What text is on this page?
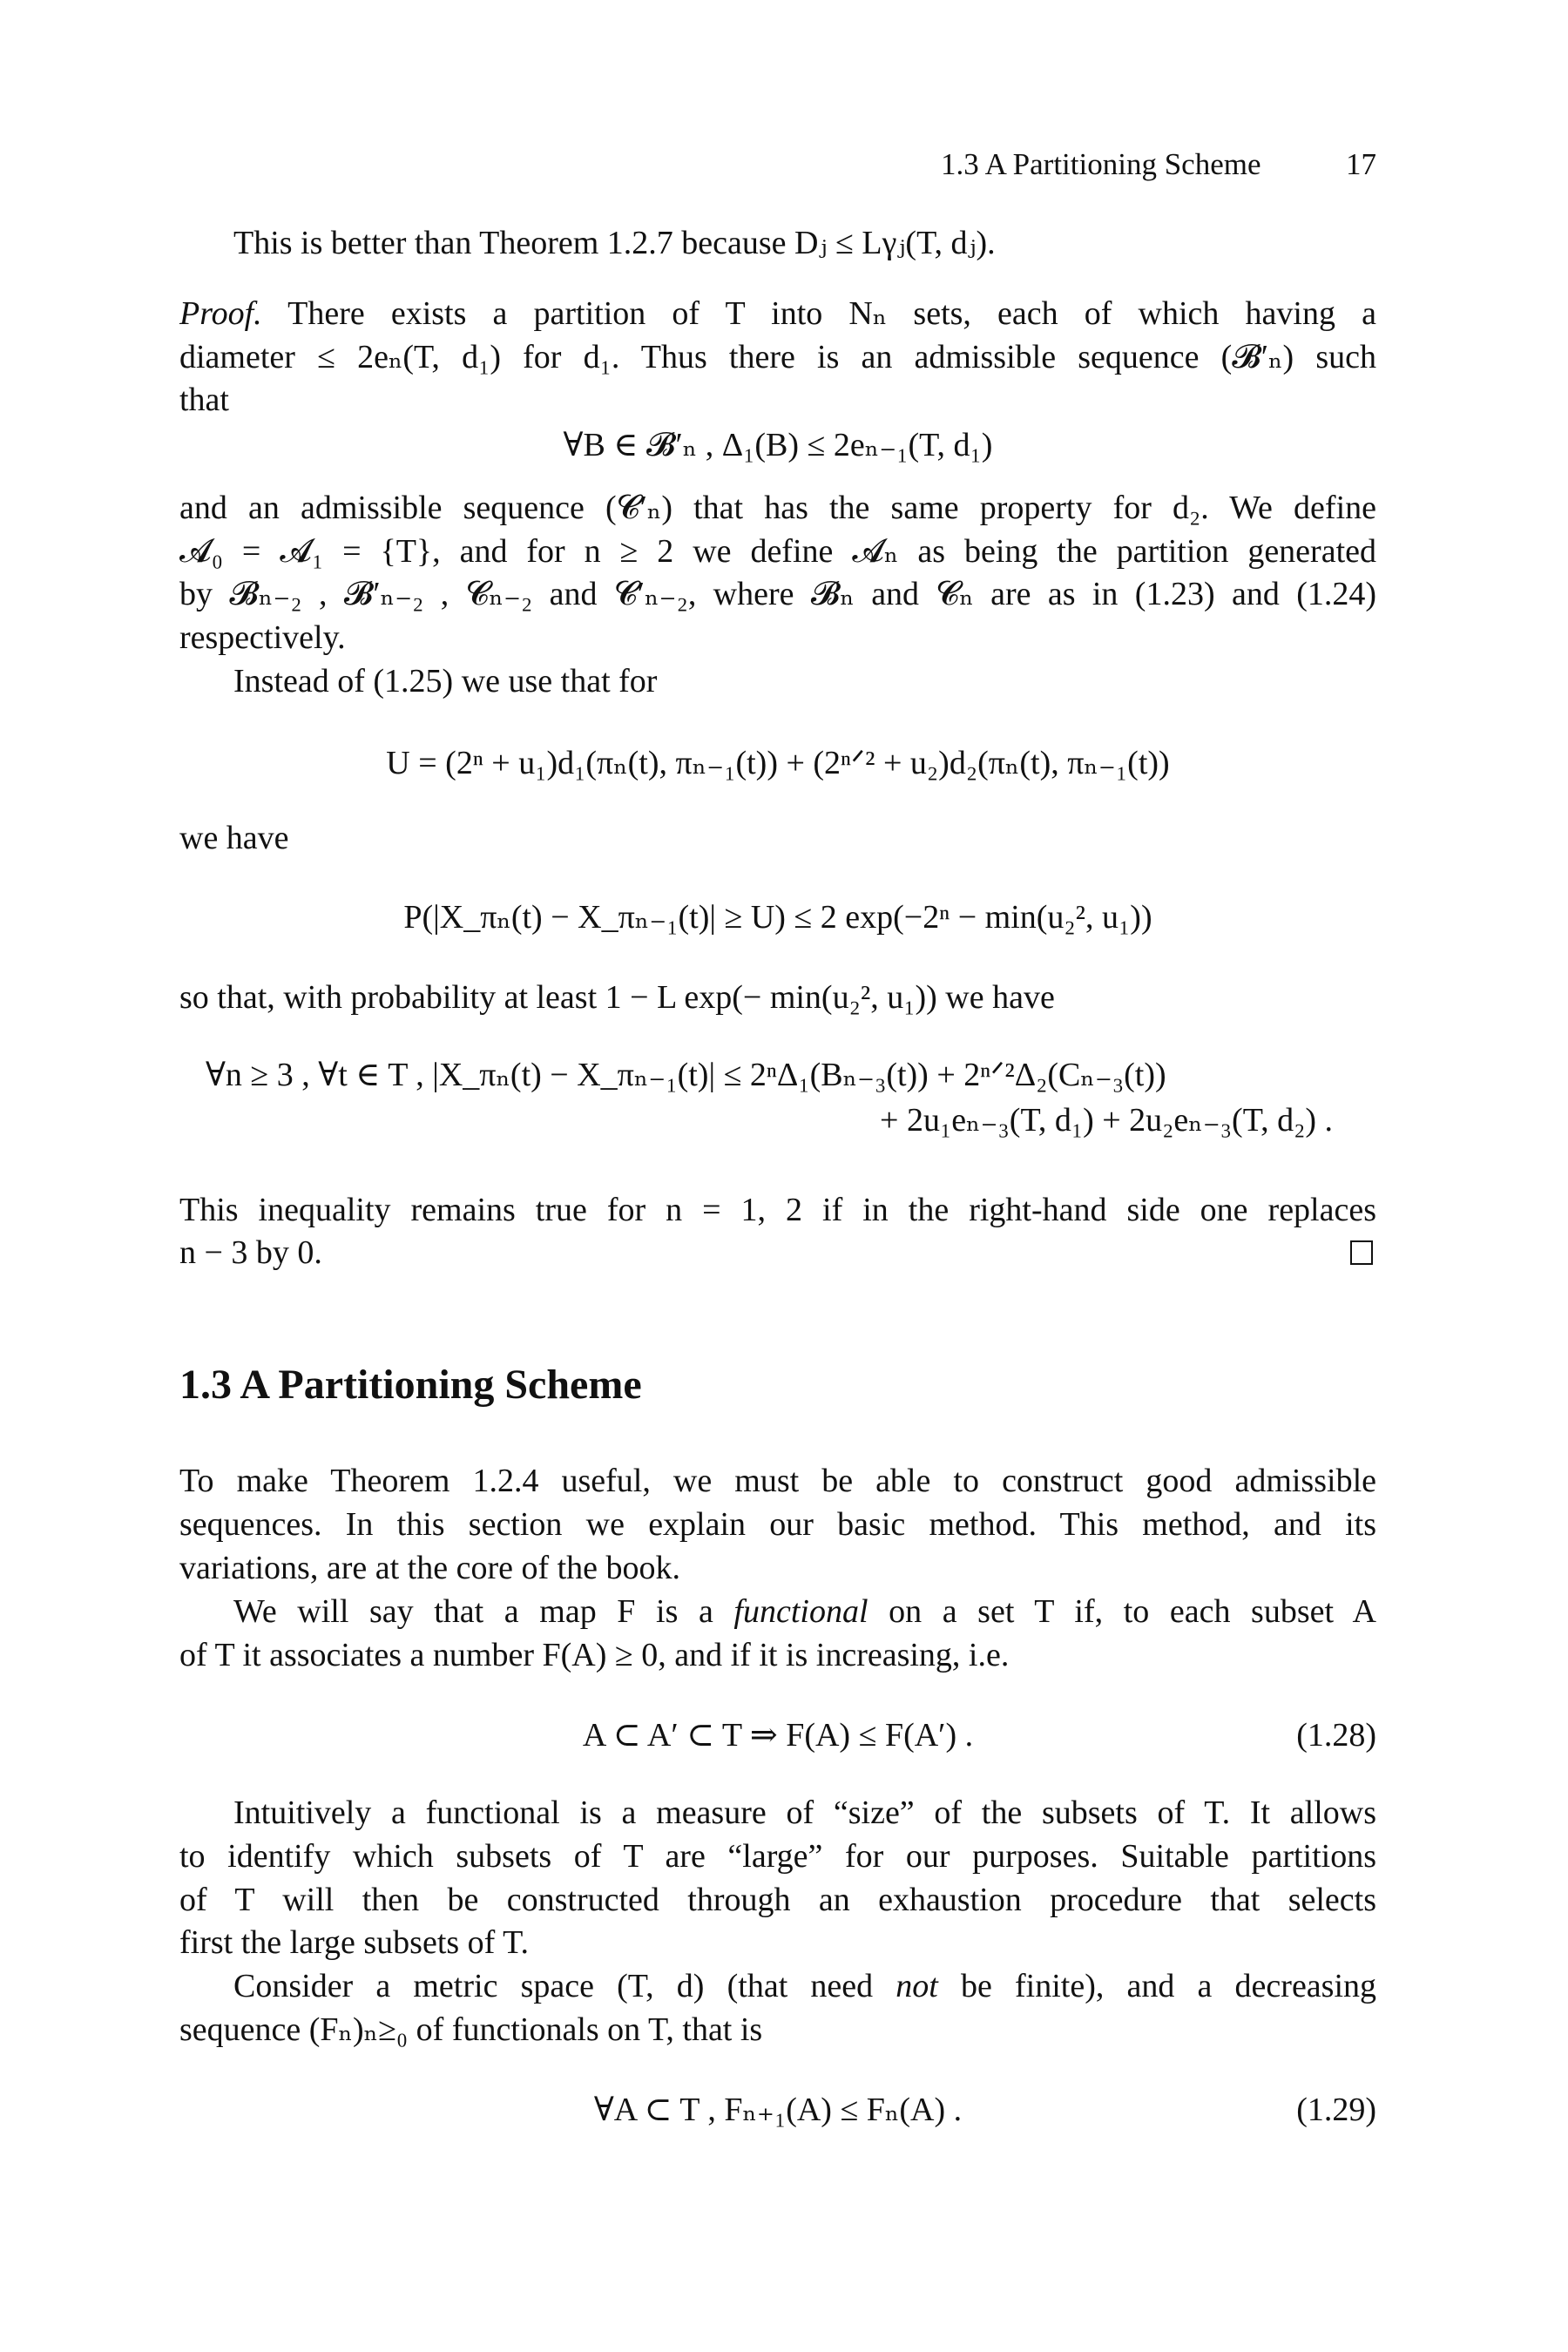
1.3 A Partitioning Scheme	17
This is better than Theorem 1.2.7 because Dⱼ ≤ Lγⱼ(T, dⱼ).
Proof. There exists a partition of T into Nₙ sets, each of which having a
diameter ≤ 2eₙ(T, d₁) for d₁. Thus there is an admissible sequence (𝓑′ₙ) such
that
∀B ∈ 𝓑′ₙ , Δ₁(B) ≤ 2eₙ₋₁(T, d₁)
and an admissible sequence (𝓒′ₙ) that has the same property for d₂. We define
𝓐₀ = 𝓐₁ = {T}, and for n ≥ 2 we define 𝓐ₙ as being the partition generated
by 𝓑ₙ₋₂ , 𝓑′ₙ₋₂ , 𝓒ₙ₋₂ and 𝓒′ₙ₋₂, where 𝓑ₙ and 𝓒ₙ are as in (1.23) and (1.24)
respectively.
Instead of (1.25) we use that for
U = (2ⁿ + u₁)d₁(πₙ(t), πₙ₋₁(t)) + (2ⁿᐟ² + u₂)d₂(πₙ(t), πₙ₋₁(t))
we have
P(|X_πₙ(t) − X_πₙ₋₁(t)| ≥ U) ≤ 2 exp(−2ⁿ − min(u₂², u₁))
so that, with probability at least 1 − L exp(− min(u₂², u₁)) we have
∀n ≥ 3 , ∀t ∈ T , |X_πₙ(t) − X_πₙ₋₁(t)| ≤ 2ⁿΔ₁(Bₙ₋₃(t)) + 2ⁿᐟ²Δ₂(Cₙ₋₃(t))
+ 2u₁eₙ₋₃(T, d₁) + 2u₂eₙ₋₃(T, d₂) .
This inequality remains true for n = 1, 2 if in the right-hand side one replaces
n − 3 by 0.
1.3 A Partitioning Scheme
To make Theorem 1.2.4 useful, we must be able to construct good admissible
sequences. In this section we explain our basic method. This method, and its
variations, are at the core of the book.
We will say that a map F is a functional on a set T if, to each subset A
of T it associates a number F(A) ≥ 0, and if it is increasing, i.e.
A ⊂ A′ ⊂ T ⇒ F(A) ≤ F(A′) .	(1.28)
Intuitively a functional is a measure of “size” of the subsets of T. It allows
to identify which subsets of T are “large” for our purposes. Suitable partitions
of T will then be constructed through an exhaustion procedure that selects
first the large subsets of T.
Consider a metric space (T, d) (that need not be finite), and a decreasing
sequence (Fₙ)ₙ≥₀ of functionals on T, that is
∀A ⊂ T , Fₙ₊₁(A) ≤ Fₙ(A) .	(1.29)
